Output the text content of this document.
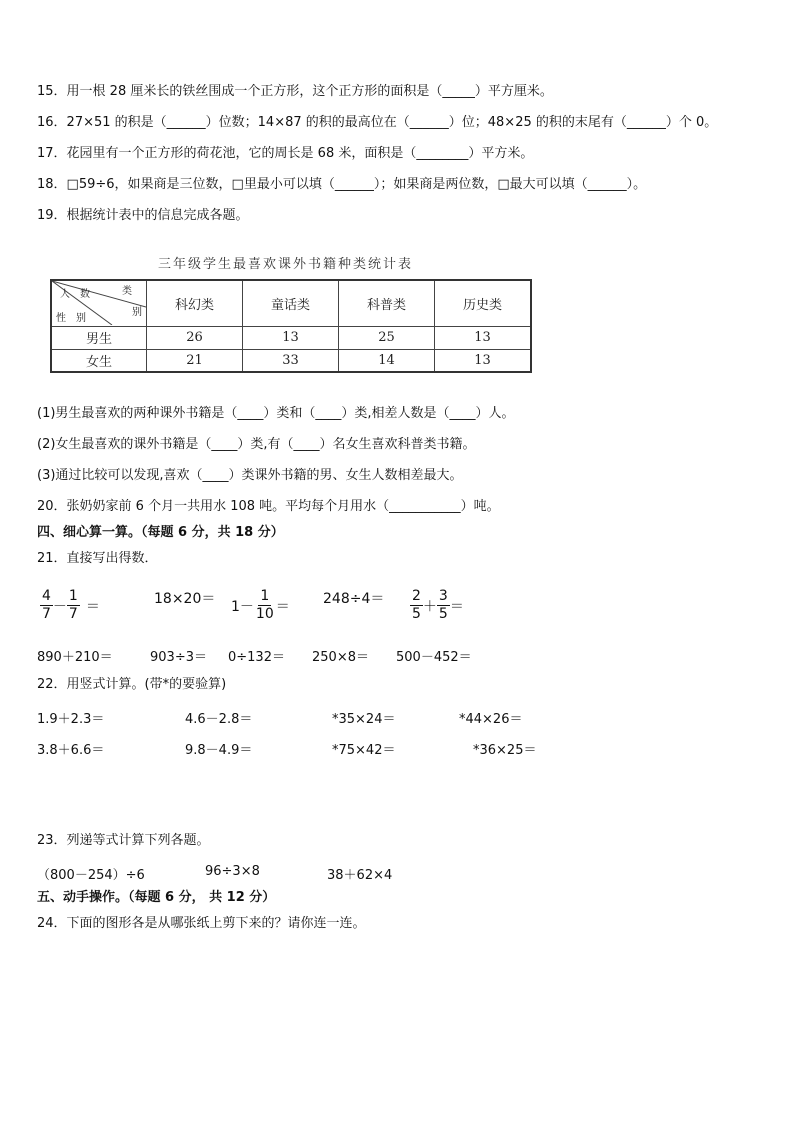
15．用一根 28 厘米长的铁丝围成一个正方形，这个正方形的面积是（_____）平方厘米。
16．27×51 的积是（______）位数；14×87 的积的最高位在（______）位；48×25 的积的末尾有（______）个 0。
17．花园里有一个正方形的荷花池，它的周长是 68 米，面积是（________）平方米。
18．□59÷6，如果商是三位数，□里最小可以填（______）；如果商是两位数，□最大可以填（______）。
19．根据统计表中的信息完成各题。
三年级学生最喜欢课外书籍种类统计表
类
别
人　数
性　别	科幻类	童话类	科普类	历史类
男生	26	13	25	13
女生	21	33	14	13
(1)男生最喜欢的两种课外书籍是（____）类和（____）类,相差人数是（____）人。
(2)女生最喜欢的课外书籍是（____）类,有（____）名女生喜欢科普类书籍。
(3)通过比较可以发现,喜欢（____）类课外书籍的男、女生人数相差最大。
20．张奶奶家前 6 个月一共用水 108 吨。平均每个月用水（___________）吨。
四、细心算一算。（每题 6 分，共 18 分）
21．直接写出得数．
$\frac{4}{7} - \frac{1}{7}$ ＝	$18\times 20= 1- \frac{1}{10} = 248\div 4= \frac{2}{5} + \frac{3}{5}$ ＝
890＋210＝	903÷3＝ 0÷132＝ 250×8＝ 500－452＝
22．用竖式计算。(带*的要验算)
1.9＋2.3＝	4.6－2.8＝	*35×24＝	*44×26＝
3.8＋6.6＝	9.8－4.9＝	*75×42＝	*36×25＝
23．列递等式计算下列各题。
（800－254）÷6	96÷3×8	38＋62×4
五、动手操作。（每题 6 分， 共 12 分）
24．下面的图形各是从哪张纸上剪下来的？请你连一连。
